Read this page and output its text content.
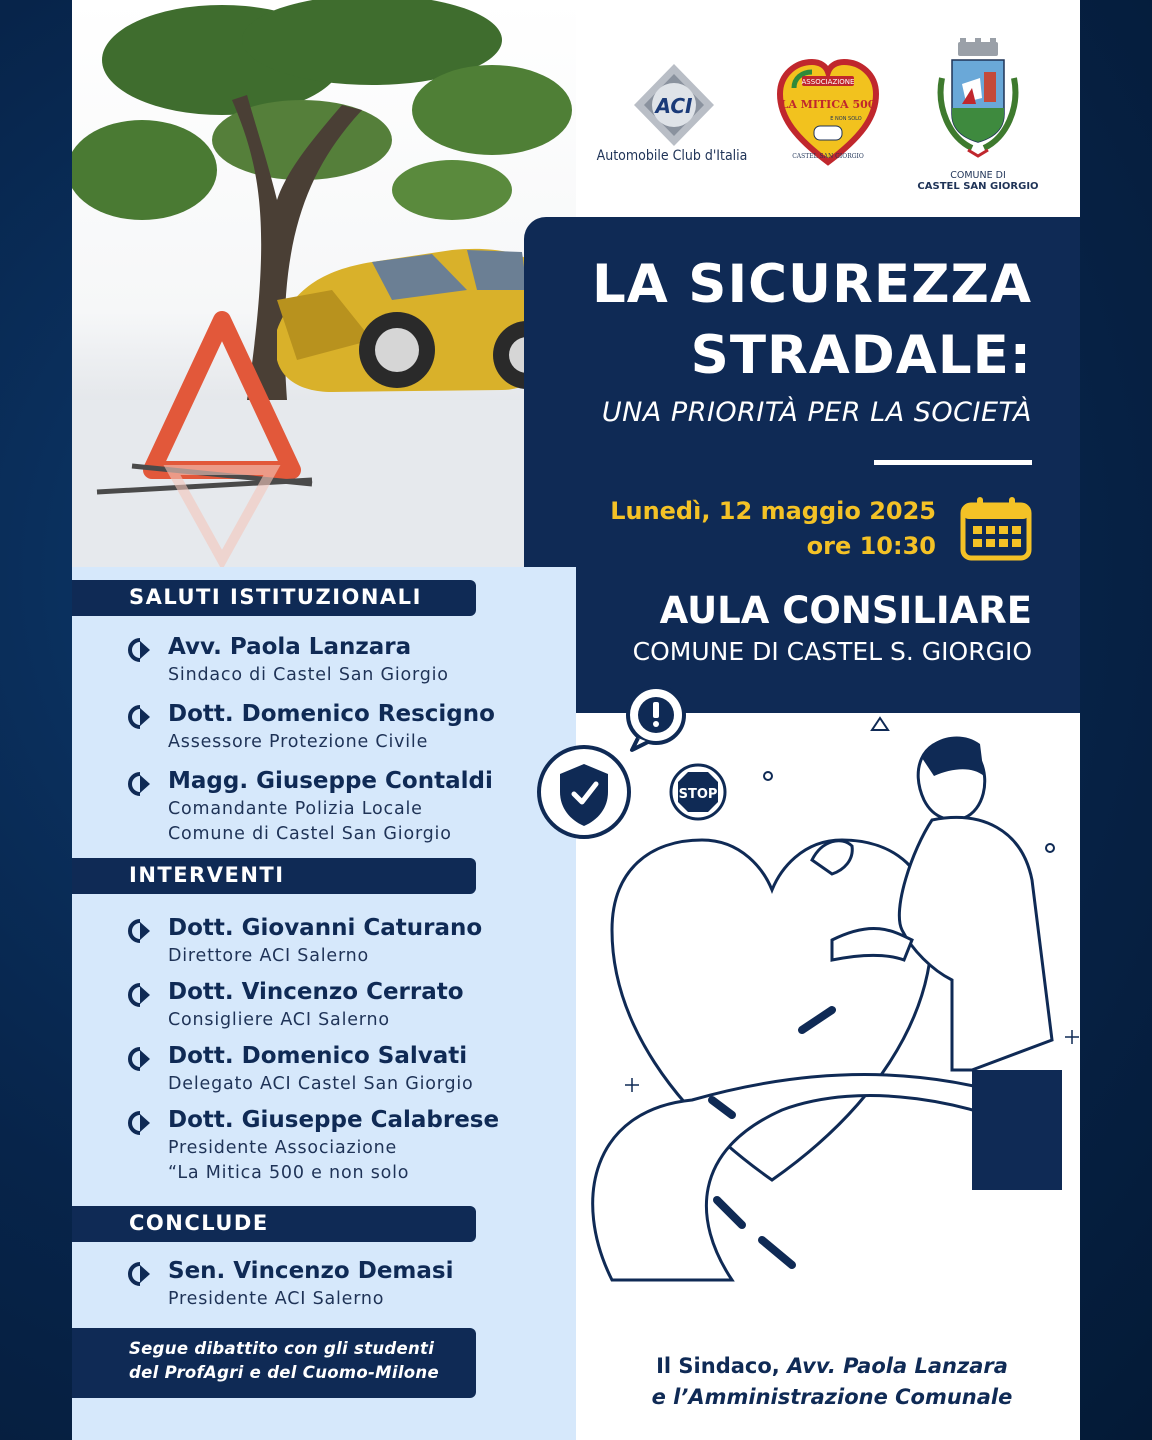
ACI
Automobile Club d'Italia
ASSOCIAZIONE
LA MITICA 500
E NON SOLO
CASTEL SAN GIORGIO
COMUNE DI
CASTEL SAN GIORGIO
LA SICUREZZA
STRADALE:
UNA PRIORITÀ PER LA SOCIETÀ
Lunedì, 12 maggio 2025
ore 10:30
AULA CONSILIARE
COMUNE DI CASTEL S. GIORGIO
SALUTI ISTITUZIONALI
Avv. Paola Lanzara
Sindaco di Castel San Giorgio
Dott. Domenico Rescigno
Assessore Protezione Civile
Magg. Giuseppe Contaldi
Comandante Polizia Locale
Comune di Castel San Giorgio
INTERVENTI
Dott. Giovanni Caturano
Direttore ACI Salerno
Dott. Vincenzo Cerrato
Consigliere ACI Salerno
Dott. Domenico Salvati
Delegato ACI Castel San Giorgio
Dott. Giuseppe Calabrese
Presidente Associazione
“La Mitica 500 e non solo
CONCLUDE
Sen. Vincenzo Demasi
Presidente ACI Salerno
Segue dibattito con gli studenti
del ProfAgri e del Cuomo-Milone
STOP
Il Sindaco, Avv. Paola Lanzara
e l’Amministrazione Comunale
